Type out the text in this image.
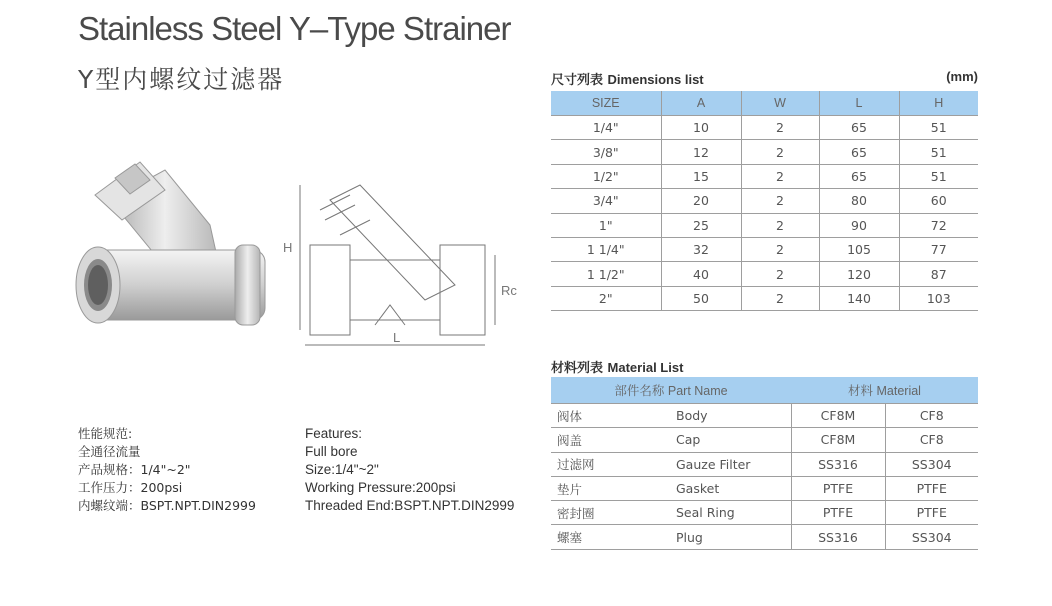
Stainless Steel Y–Type Strainer
Y型内螺纹过滤器
H
Rc
L
性能规范:
全通径流量
产品规格：1/4"~2"
工作压力：200psi
内螺纹端：BSPT.NPT.DIN2999
Features:
Full bore
Size:1/4"~2"
Working Pressure:200psi
Threaded End:BSPT.NPT.DIN2999
尺寸列表 Dimensions list	(mm)
SIZE	A	W	L	H
1/4"	10	2	65	51
3/8"	12	2	65	51
1/2"	15	2	65	51
3/4"	20	2	80	60
1"	25	2	90	72
1 1/4"	32	2	105	77
1 1/2"	40	2	120	87
2"	50	2	140	103
材料列表 Material List
部件名称 Part Name		材料 Material	
阀体	Body	CF8M	CF8
阀盖	Cap	CF8M	CF8
过滤网	Gauze Filter	SS316	SS304
垫片	Gasket	PTFE	PTFE
密封圈	Seal Ring	PTFE	PTFE
螺塞	Plug	SS316	SS304
